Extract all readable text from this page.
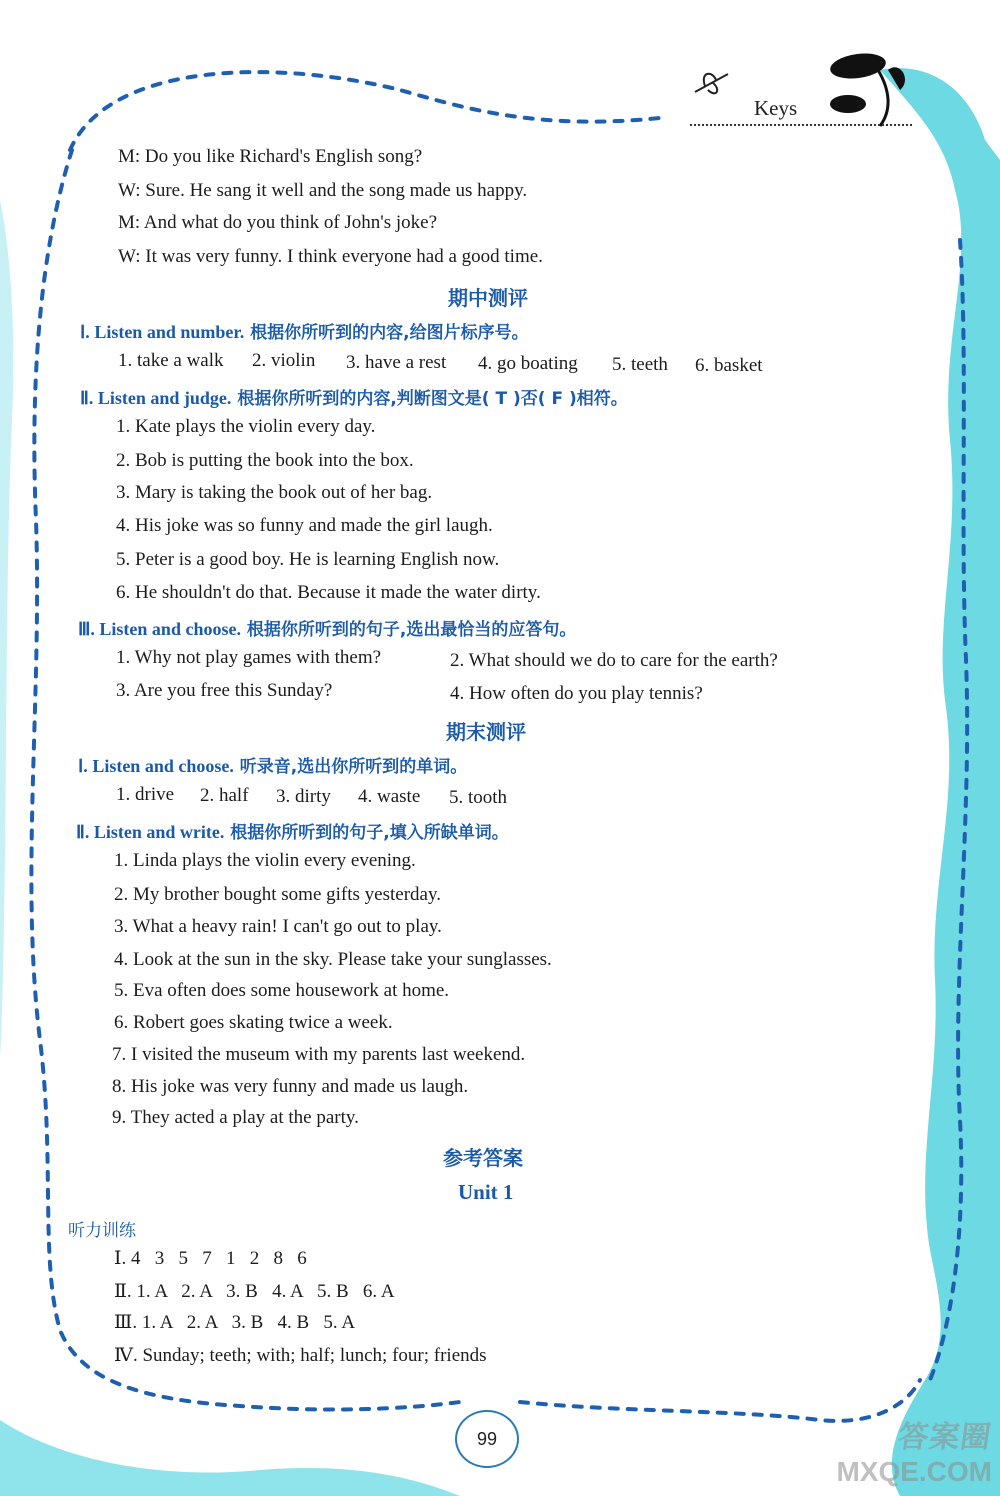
Keys
M: Do you like Richard's English song?
W: Sure. He sang it well and the song made us happy.
M: And what do you think of John's joke?
W: It was very funny. I think everyone had a good time.
期中测评
Ⅰ. Listen and number. 根据你所听到的内容,给图片标序号。
1. take a walk 2. violin 3. have a rest 4. go boating 5. teeth 6. basket
Ⅱ. Listen and judge. 根据你所听到的内容,判断图文是( T )否( F )相符。
1. Kate plays the violin every day.
2. Bob is putting the book into the box.
3. Mary is taking the book out of her bag.
4. His joke was so funny and made the girl laugh.
5. Peter is a good boy. He is learning English now.
6. He shouldn't do that. Because it made the water dirty.
Ⅲ. Listen and choose. 根据你所听到的句子,选出最恰当的应答句。
1. Why not play games with them?	2. What should we do to care for the earth?
3. Are you free this Sunday?	4. How often do you play tennis?
期末测评
Ⅰ. Listen and choose. 听录音,选出你所听到的单词。
1. drive 2. half 3. dirty 4. waste 5. tooth
Ⅱ. Listen and write. 根据你所听到的句子,填入所缺单词。
1. Linda plays the violin every evening.
2. My brother bought some gifts yesterday.
3. What a heavy rain! I can't go out to play.
4. Look at the sun in the sky. Please take your sunglasses.
5. Eva often does some housework at home.
6. Robert goes skating twice a week.
7. I visited the museum with my parents last weekend.
8. His joke was very funny and made us laugh.
9. They acted a play at the party.
参考答案
Unit 1
听力训练
Ⅰ. 4   3   5   7   1   2   8   6
Ⅱ. 1. A   2. A   3. B   4. A   5. B   6. A
Ⅲ. 1. A   2. A   3. B   4. B   5. A
Ⅳ. Sunday; teeth; with; half; lunch; four; friends
99	答案圈
MXQE.COM
